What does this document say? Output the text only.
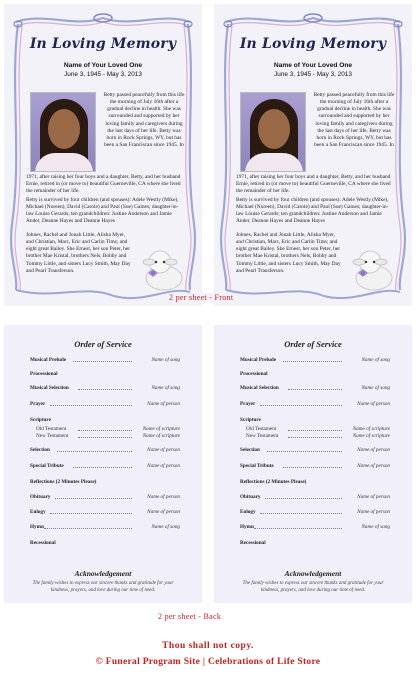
In Loving Memory
Name of Your Loved One
June 3, 1945 - May 3, 2013
Betty passed peacefully from this life the morning of July 16th after a gradual decline in health. She was surrounded and supported by her loving family and caregivers during the last days of her life. Betty was born in Rock Springs, WY, but has been a San Franciscan since 1945. In
1971, after raising her four boys and a daughter, Betty, and her husband Ernie, retired in (or move to) beautiful Guerneville, CA where she lived the remainder of her life.
Betty is survived by four children (and spouses): Adele Westly (Mike), Michael (Noreen), David (Carole) and Paul (Sue) Gaines; daughter-in-law Louise Gerards; ten grandchildren: Justine Anderson and Jamie Ander, Deanne Hayes and Deanne Hayes
Johnes, Rachel and Jonah Little, Alisha Myer, and Christian, Marc, Eric and Carlin Tims; and eight great Bailey. She Ernest, her son Peter, her brother Mae Kristal, brothers Nels, Bobby and Tommy Little, and sisters Lucy Smith, May Day and Pearl Transferson.
In Loving Memory
Name of Your Loved One
June 3, 1945 - May 3, 2013
Betty passed peacefully from this life the morning of July 16th after a gradual decline in health. She was surrounded and supported by her loving family and caregivers during the last days of her life. Betty was born in Rock Springs, WY, but has been a San Franciscan since 1945. In
1971, after raising her four boys and a daughter, Betty, and her husband Ernie, retired in (or move to) beautiful Guerneville, CA where she lived the remainder of her life.
Betty is survived by four children (and spouses): Adele Westly (Mike), Michael (Noreen), David (Carole) and Paul (Sue) Gaines; daughter-in-law Louise Gerards; ten grandchildren: Justine Anderson and Jamie Ander, Deanne Hayes and Deanne Hayes
Johnes, Rachel and Jonah Little, Alisha Myer, and Christian, Marc, Eric and Carlin Tims; and eight great Bailey. She Ernest, her son Peter, her brother Mae Kristal, brothers Nels, Bobby and Tommy Little, and sisters Lucy Smith, May Day and Pearl Transferson.
2 per sheet - Front
Order of Service
Musical Prelude	Name of song
Processional
Musical Selection	Name of song
Prayer	Name of person
Scripture
Old Testament	Name of scripture
New Testament	Name of scripture
Selection	Name of person
Special Tribute	Name of person
Reflections (2 Minutes Please)
Obituary	Name of person
Eulogy	Name of person
Hymn	Name of song
Recessional
Acknowledgement
The family wishes to express our sincere thanks and gratitude for your kindness, prayers, and love during our time of need.
Order of Service
Musical Prelude	Name of song
Processional
Musical Selection	Name of song
Prayer	Name of person
Scripture
Old Testament	Name of scripture
New Testament	Name of scripture
Selection	Name of person
Special Tribute	Name of person
Reflections (2 Minutes Please)
Obituary	Name of person
Eulogy	Name of person
Hymn	Name of song
Recessional
Acknowledgement
The family wishes to express our sincere thanks and gratitude for your kindness, prayers, and love during our time of need.
2 per sheet - Back
Thou shall not copy.
© Funeral Program Site | Celebrations of Life Store
